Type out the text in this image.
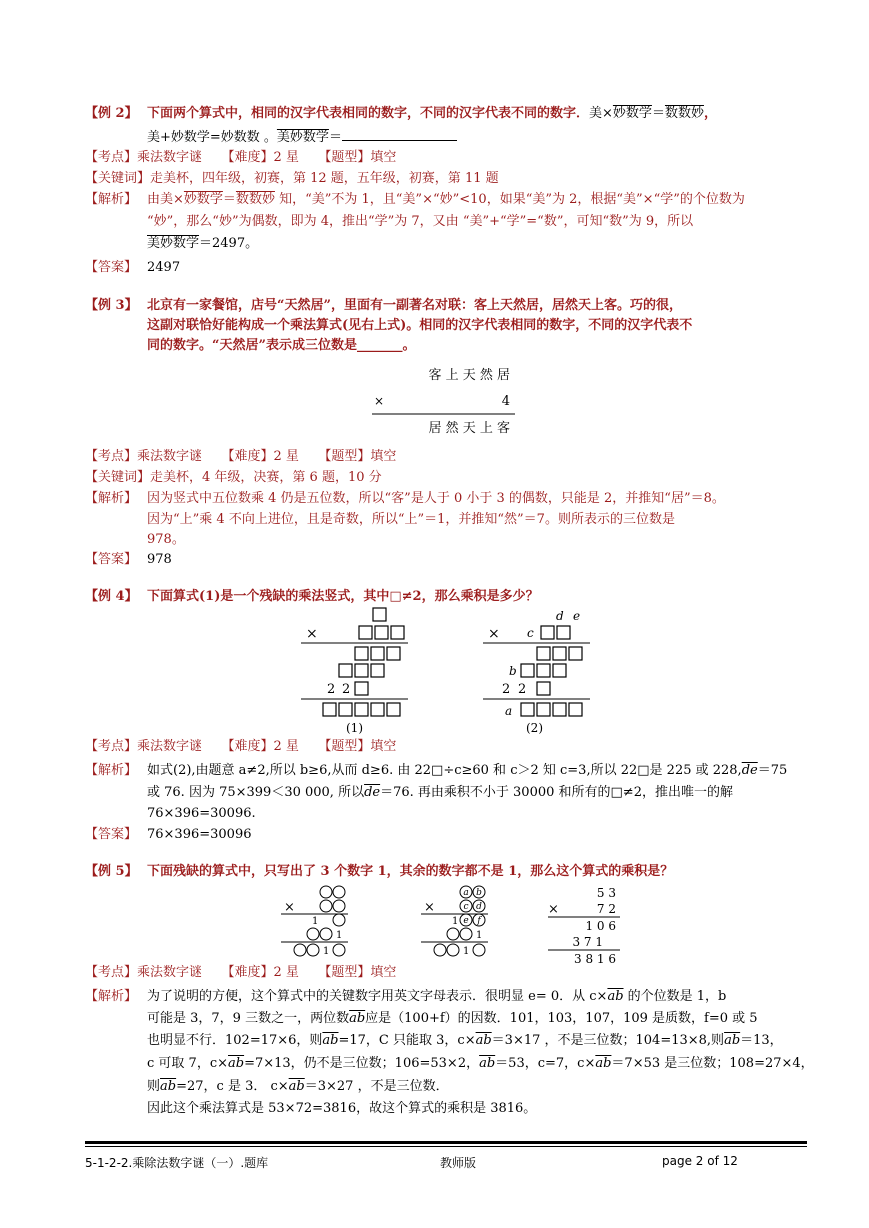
【例 2】 下面两个算式中，相同的汉字代表相同的数字，不同的汉字代表不同的数字．美×妙数学＝数数妙，
美+妙数学=妙数数 。美妙数学＝
【考点】乘法数字谜　　【难度】2 星　　【题型】填空
【关键词】走美杯，四年级，初赛，第 12 题，五年级，初赛，第 11 题
【解析】 由美×妙数学＝数数妙 知，“美”不为 1，且“美”×“妙”<10，如果“美”为 2，根据“美”×“学”的个位数为
“妙”，那么“妙”为偶数，即为 4，推出“学”为 7，又由 “美”+“学”=“数”，可知“数”为 9，所以
美妙数学＝2497。
【答案】 2497
【例 3】 北京有一家餐馆，店号“天然居”，里面有一副著名对联：客上天然居，居然天上客。巧的很，
这副对联恰好能构成一个乘法算式(见右上式)。相同的汉字代表相同的数字，不同的汉字代表不
同的数字。“天然居”表示成三位数是_______。
客 上 天 然 居
×	4
居 然 天 上 客
【考点】乘法数字谜　　【难度】2 星　　【题型】填空
【关键词】走美杯，4 年级，决赛，第 6 题，10 分
【解析】 因为竖式中五位数乘 4 仍是五位数，所以“客”是人于 0 小于 3 的偶数，只能是 2，并推知“居”＝8。
因为“上”乘 4 不向上进位，且是奇数，所以“上”＝1，并推知“然”＝7。则所表示的三位数是
978。
【答案】 978
【例 4】 下面算式(1)是一个残缺的乘法竖式，其中□≠2，那么乘积是多少？
×
2 2
(1)
d e
× c
b
2 2
a
(2)
【考点】乘法数字谜　　【难度】2 星　　【题型】填空
【解析】 如式(2),由题意 a≠2,所以 b≥6,从而 d≥6. 由 22□÷c≥60 和 c＞2 知 c=3,所以 22□是 225 或 $228,\overline{de}=75$
或 76. 因为 75×399＜30 000, 所以$\overline{de}=76$. 再由乘积不小于 30000 和所有的□≠2，推出唯一的解
76×396=30096.
【答案】 76×396=30096
【例 5】 下面残缺的算式中，只写出了 3 个数字 1，其余的数字都不是 1，那么这个算式的乘积是？
×
1
1
1
a b
c d
e f
×
1
1
1
5 3
7 2
1 0 6
3 7 1
3 8 1 6
×
【考点】乘法数字谜　　【难度】2 星　　【题型】填空
【解析】 为了说明的方便，这个算式中的关键数字用英文字母表示．很明显 e= 0．从 $c\times\overline{ab}$ 的个位数是 1，b
可能是 3，7，9 三数之一，两位数$\overline{ab}$应是（100+f）的因数．101，103，107，109 是质数，f=0 或 5
也明显不行．102=17×6，则$\overline{ab}=17$，C 只能取 3，$c\times\overline{ab}=3\times 17$ ，不是三位数；104=13×8,则$\overline{ab}=13$，
c 可取 7，$c\times\overline{ab}=7\times 13$，仍不是三位数；106=53×2，$\overline{ab}=53$，c=7，$c\times\overline{ab}=7\times 53$ 是三位数；108=27×4，
则$\overline{ab}=27$，c 是 3． $c\times\overline{ab}=3\times 27$ ，不是三位数．
因此这个乘法算式是 53×72=3816，故这个算式的乘积是 3816。
5-1-2-2.乘除法数字谜（一）.题库	教师版	page 2 of 12
